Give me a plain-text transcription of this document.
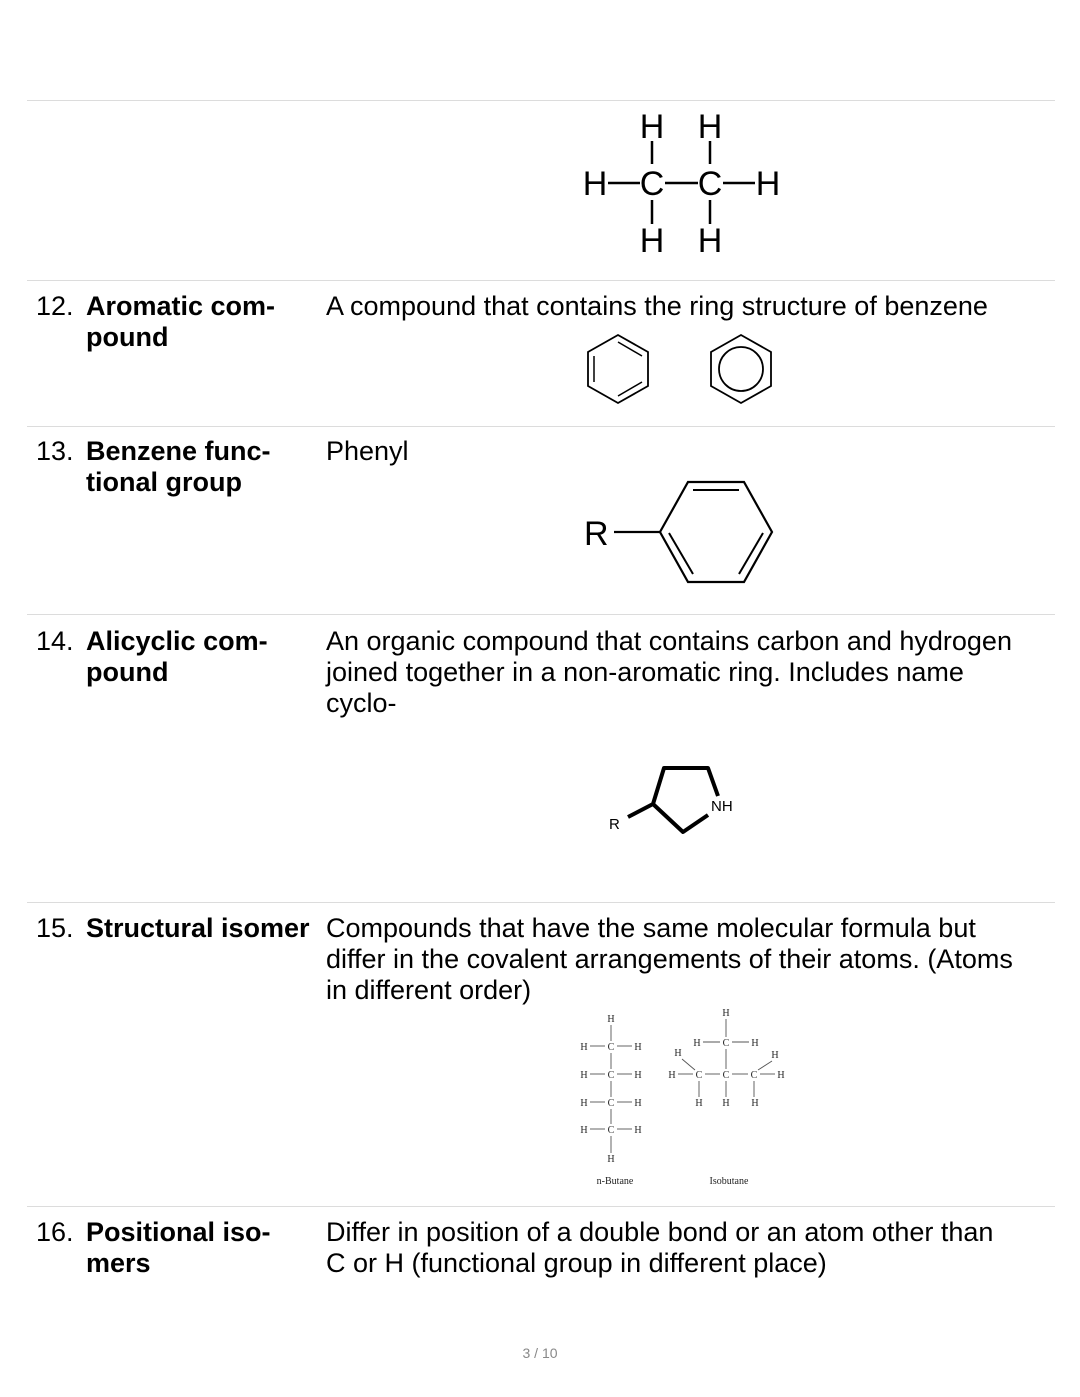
H H
H C C H
H H
12. Aromatic com-
pound
A compound that contains the ring structure of benzene
13. Benzene func-
tional group
Phenyl
R
14. Alicyclic com-
pound
An organic compound that contains carbon and hydrogen
joined together in a non-aromatic ring. Includes name
cyclo-
R
NH
15. Structural isomer Compounds that have the same molecular formula but
differ in the covalent arrangements of their atoms. (Atoms
in different order)
H
H C H
H C H
H C H
H C H
H
n-Butane
H
H C H
H	H
H C C C H
H H H
Isobutane
16. Positional iso-
mers
Differ in position of a double bond or an atom other than
C or H (functional group in different place)
3 / 10
